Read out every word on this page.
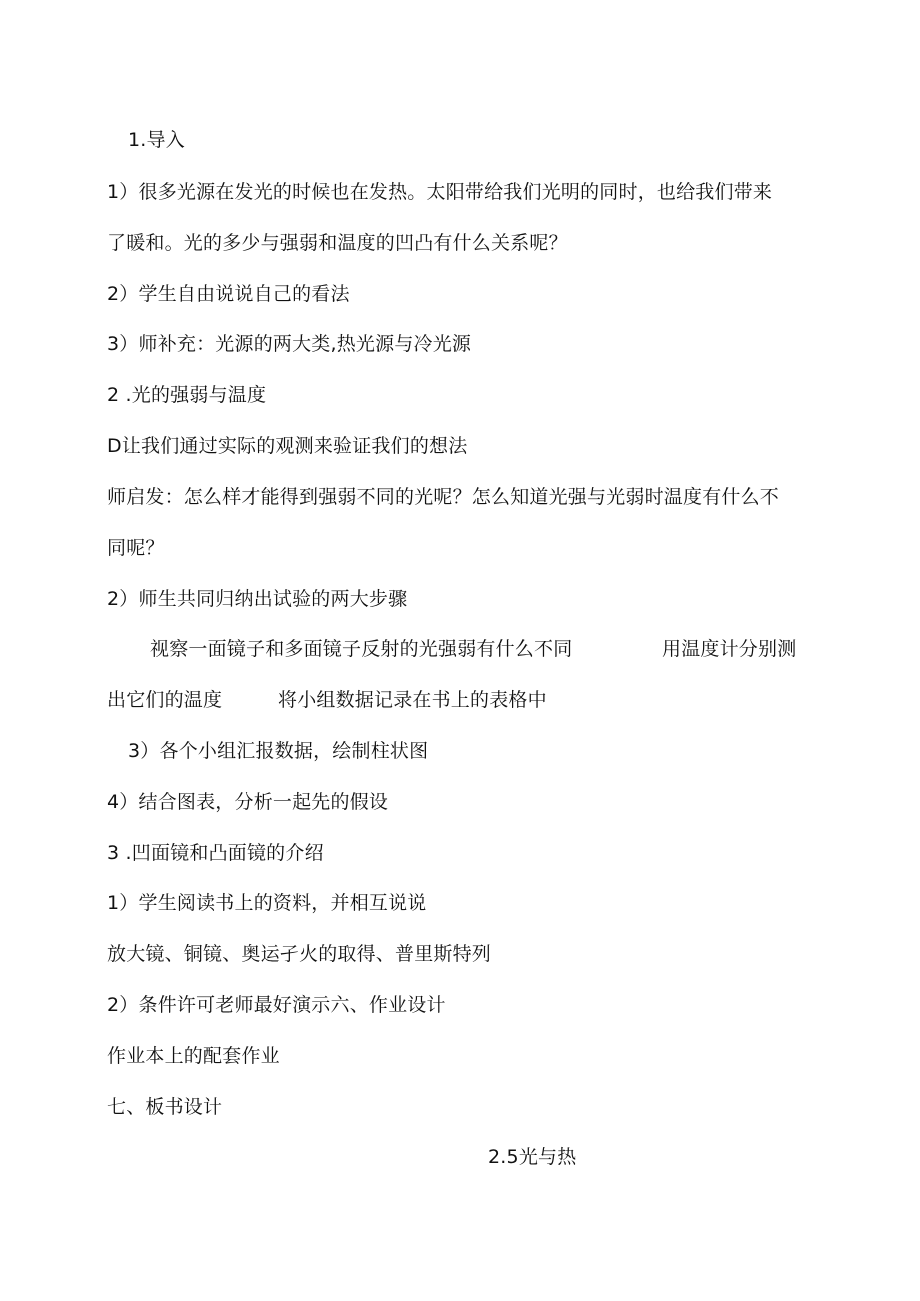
1.导入
1）很多光源在发光的时候也在发热。太阳带给我们光明的同时，也给我们带来
了暖和。光的多少与强弱和温度的凹凸有什么关系呢？
2）学生自由说说自己的看法
3）师补充：光源的两大类,热光源与冷光源
2 .光的强弱与温度
D让我们通过实际的观测来验证我们的想法
师启发：怎么样才能得到强弱不同的光呢？怎么知道光强与光弱时温度有什么不
同呢？
2）师生共同归纳出试验的两大步骤
视察一面镜子和多面镜子反射的光强弱有什么不同	用温度计分别测
出它们的温度	将小组数据记录在书上的表格中
3）各个小组汇报数据，绘制柱状图
4）结合图表，分析一起先的假设
3 .凹面镜和凸面镜的介绍
1）学生阅读书上的资料，并相互说说
放大镜、铜镜、奥运孑火的取得、普里斯特列
2）条件许可老师最好演示六、作业设计
作业本上的配套作业
七、板书设计
2.5光与热
